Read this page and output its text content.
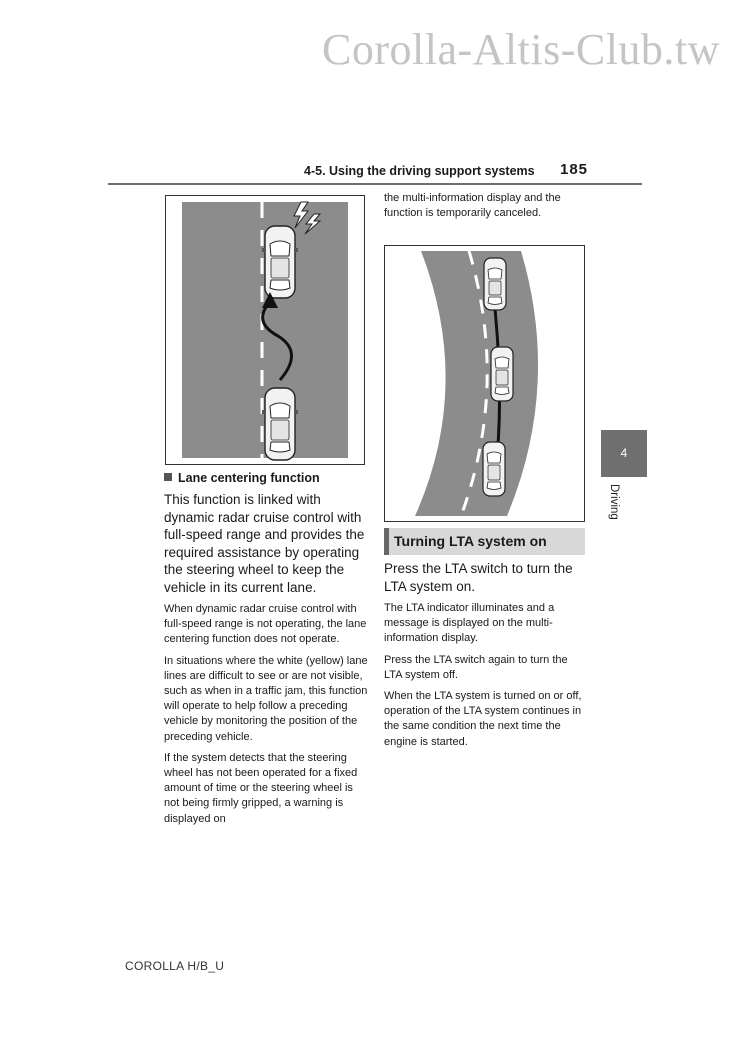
Corolla-Altis-Club.tw
4-5. Using the driving support systems 185
Lane centering function

This function is linked with dynamic radar cruise control with full-speed range and provides the required assistance by operating the steering wheel to keep the vehicle in its current lane.

When dynamic radar cruise control with full-speed range is not operating, the lane centering function does not operate.

In situations where the white (yellow) lane lines are difficult to see or are not visible, such as when in a traffic jam, this function will operate to help follow a preceding vehicle by monitoring the position of the preceding vehicle.

If the system detects that the steering wheel has not been operated for a fixed amount of time or the steering wheel is not being firmly gripped, a warning is displayed on

the multi-information display and the function is temporarily canceled.

Turning LTA system on

Press the LTA switch to turn the LTA system on.

The LTA indicator illuminates and a message is displayed on the multi-information display.

Press the LTA switch again to turn the LTA system off.

When the LTA system is turned on or off, operation of the LTA system continues in the same condition the next time the engine is started.

4
Driving
COROLLA H/B_U
